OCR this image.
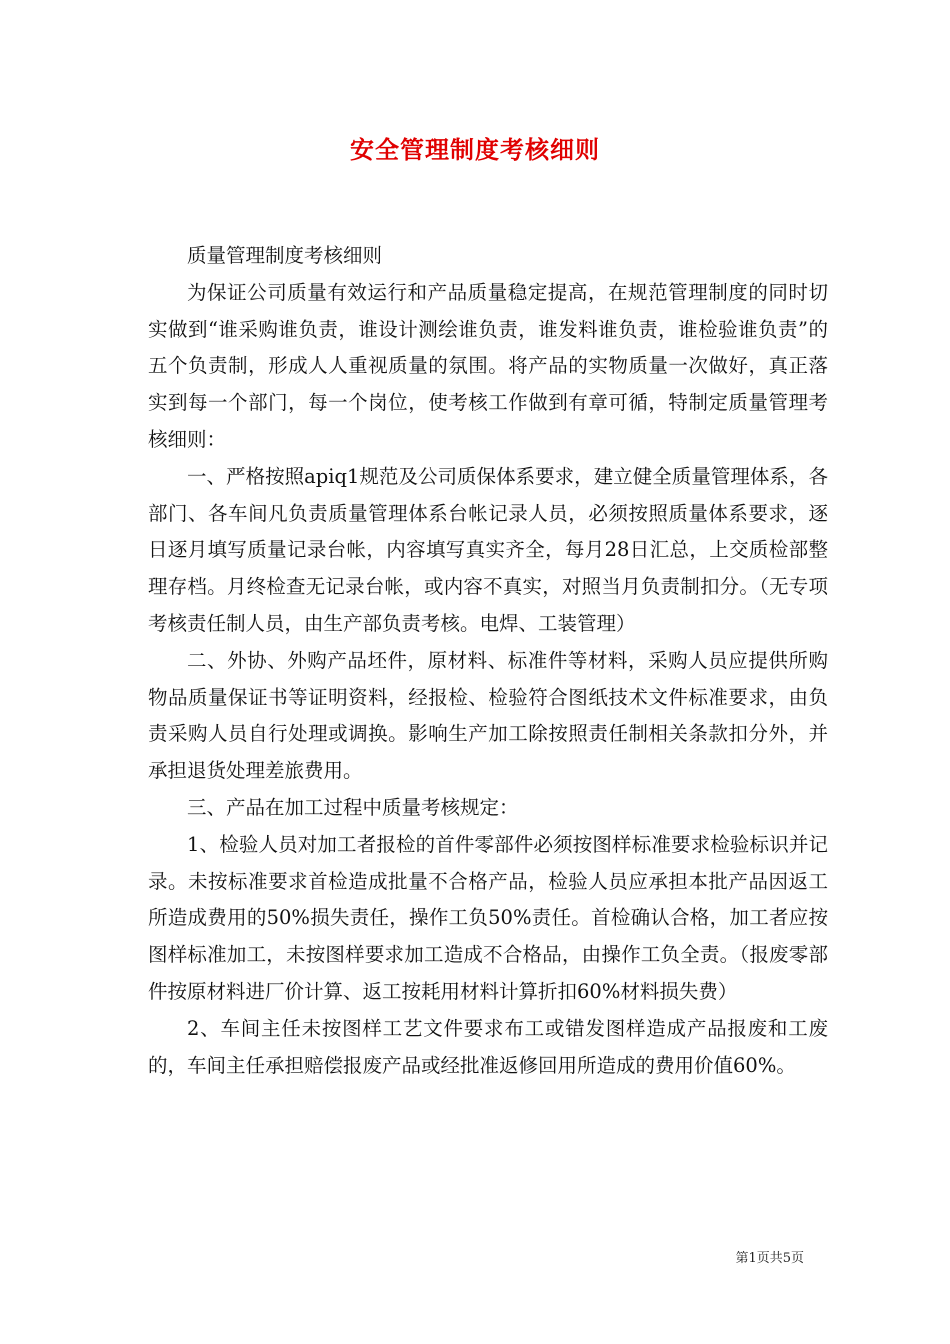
安全管理制度考核细则

质量管理制度考核细则

为保证公司质量有效运行和产品质量稳定提高，在规范管理制度的同时切实做到“谁采购谁负责，谁设计测绘谁负责，谁发料谁负责，谁检验谁负责”的五个负责制，形成人人重视质量的氛围。将产品的实物质量一次做好，真正落实到每一个部门，每一个岗位，使考核工作做到有章可循，特制定质量管理考核细则：

一、严格按照apiq1规范及公司质保体系要求，建立健全质量管理体系，各部门、各车间凡负责质量管理体系台帐记录人员，必须按照质量体系要求，逐日逐月填写质量记录台帐，内容填写真实齐全，每月28日汇总，上交质检部整理存档。月终检查无记录台帐，或内容不真实，对照当月负责制扣分。（无专项考核责任制人员，由生产部负责考核。电焊、工装管理）

二、外协、外购产品坯件，原材料、标准件等材料，采购人员应提供所购物品质量保证书等证明资料，经报检、检验符合图纸技术文件标准要求，由负责采购人员自行处理或调换。影响生产加工除按照责任制相关条款扣分外，并承担退货处理差旅费用。

三、产品在加工过程中质量考核规定：

1、检验人员对加工者报检的首件零部件必须按图样标准要求检验标识并记录。未按标准要求首检造成批量不合格产品，检验人员应承担本批产品因返工所造成费用的50%损失责任，操作工负50%责任。首检确认合格，加工者应按图样标准加工，未按图样要求加工造成不合格品，由操作工负全责。（报废零部件按原材料进厂价计算、返工按耗用材料计算折扣60%材料损失费）

2、车间主任未按图样工艺文件要求布工或错发图样造成产品报废和工废的，车间主任承担赔偿报废产品或经批准返修回用所造成的费用价值60%。

第1页共5页
